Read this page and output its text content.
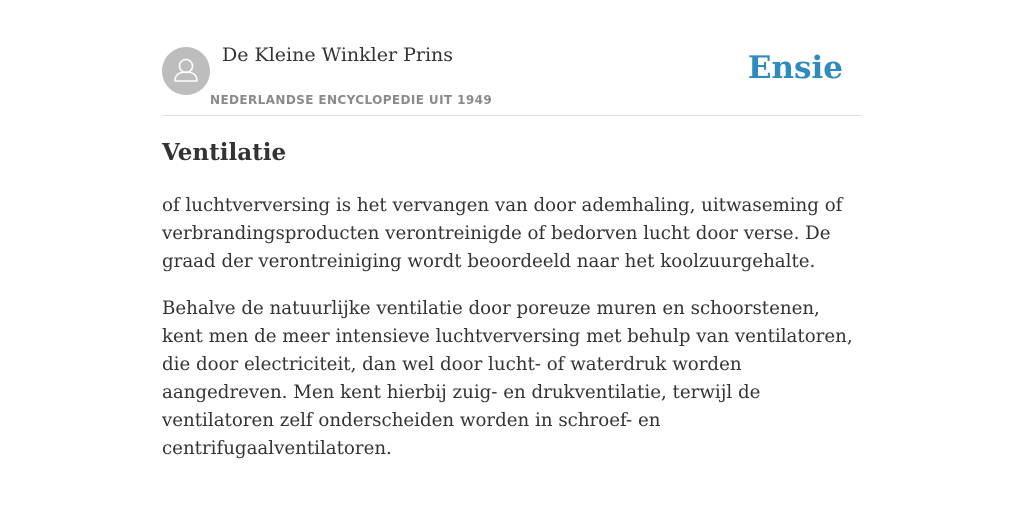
De Kleine Winkler Prins
NEDERLANDSE ENCYCLOPEDIE UIT 1949
Ensie
Ventilatie

of luchtverversing is het vervangen van door ademhaling, uitwaseming of verbrandingsproducten verontreinigde of bedorven lucht door verse. De graad der verontreiniging wordt beoordeeld naar het koolzuurgehalte.

Behalve de natuurlijke ventilatie door poreuze muren en schoorstenen, kent men de meer intensieve luchtverversing met behulp van ventilatoren, die door electriciteit, dan wel door lucht- of waterdruk worden aangedreven. Men kent hierbij zuig- en drukventilatie, terwijl de ventilatoren zelf onderscheiden worden in schroef- en centrifugaalventilatoren.
